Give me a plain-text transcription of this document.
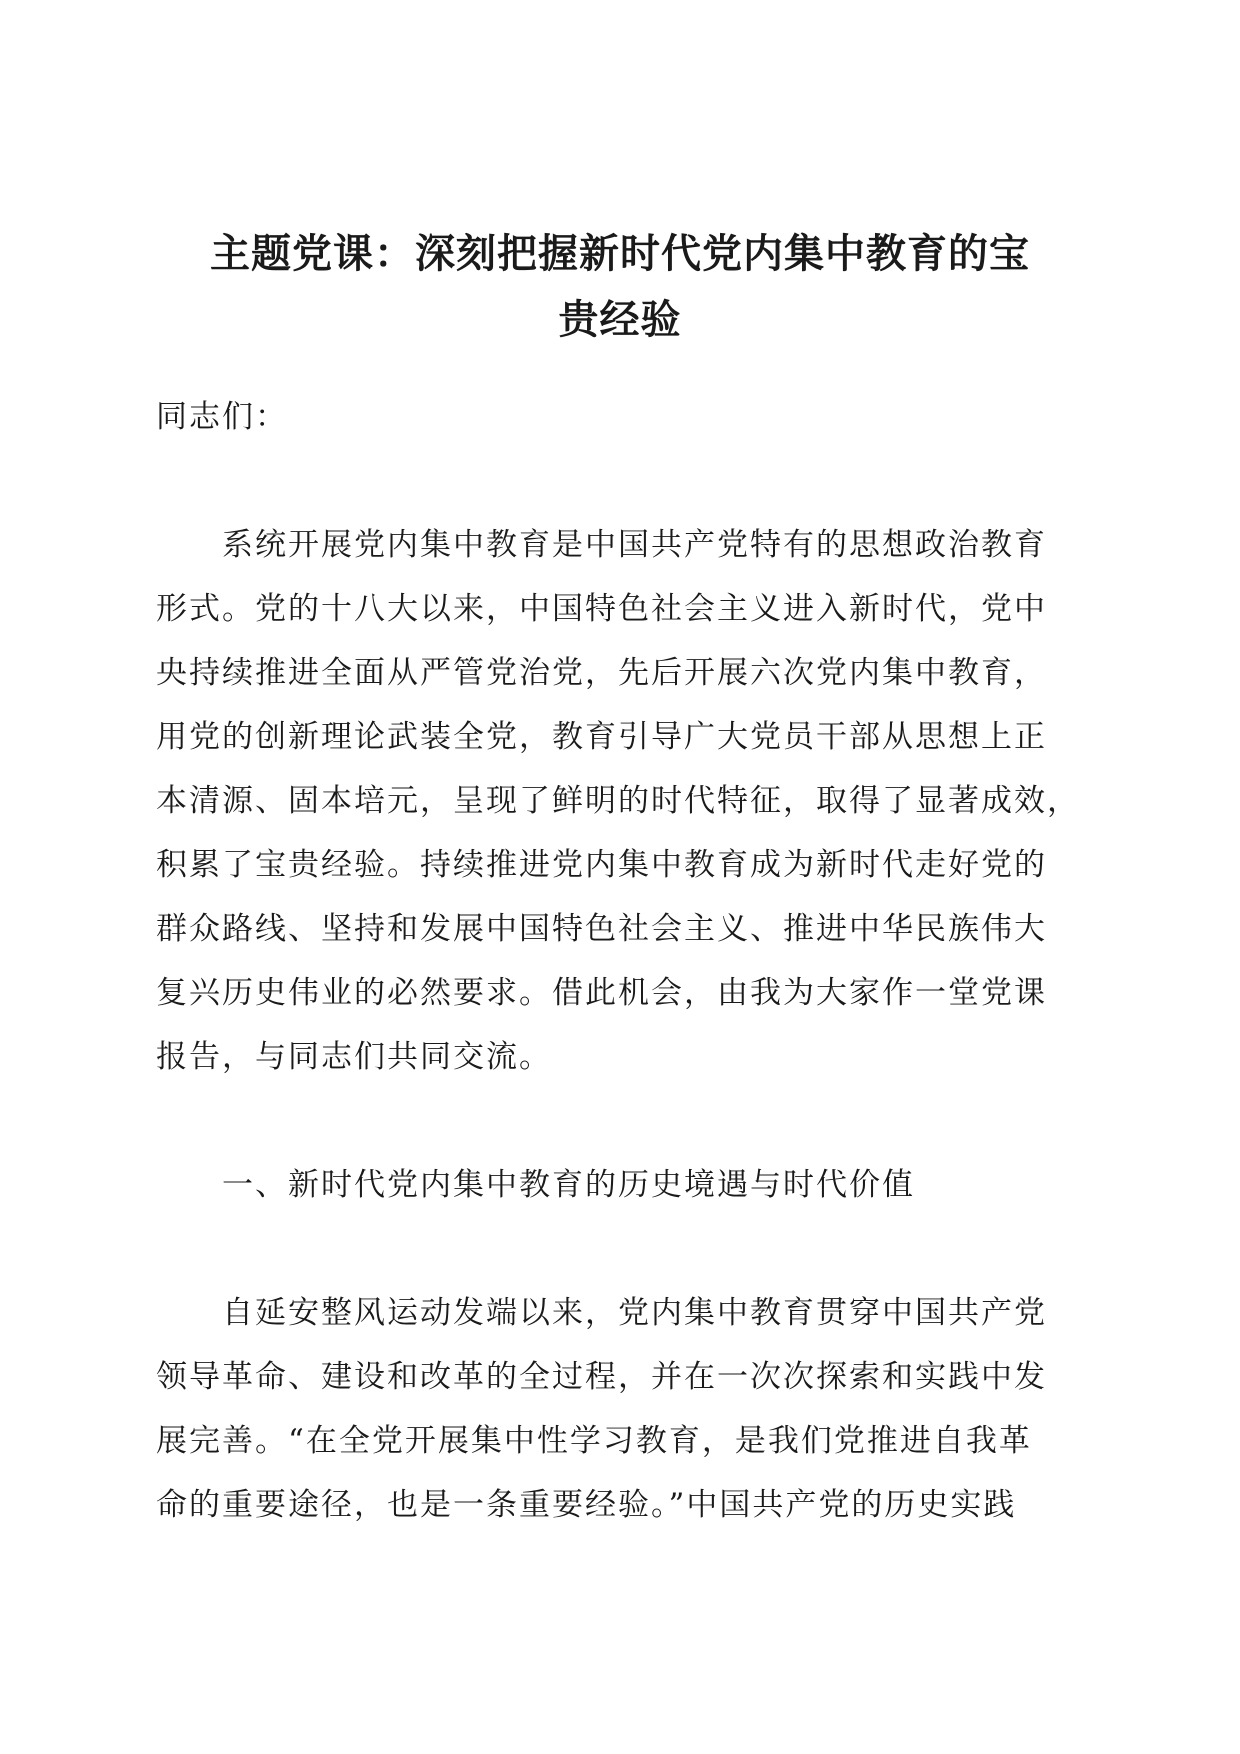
主题党课：深刻把握新时代党内集中教育的宝
贵经验

同志们：

系统开展党内集中教育是中国共产党特有的思想政治教育

形式。党的十八大以来，中国特色社会主义进入新时代，党中

央持续推进全面从严管党治党，先后开展六次党内集中教育，

用党的创新理论武装全党，教育引导广大党员干部从思想上正

本清源、固本培元，呈现了鲜明的时代特征，取得了显著成效，

积累了宝贵经验。持续推进党内集中教育成为新时代走好党的

群众路线、坚持和发展中国特色社会主义、推进中华民族伟大

复兴历史伟业的必然要求。借此机会，由我为大家作一堂党课

报告，与同志们共同交流。

一、新时代党内集中教育的历史境遇与时代价值

自延安整风运动发端以来，党内集中教育贯穿中国共产党

领导革命、建设和改革的全过程，并在一次次探索和实践中发

展完善。“在全党开展集中性学习教育，是我们党推进自我革

命的重要途径，也是一条重要经验。”中国共产党的历史实践
